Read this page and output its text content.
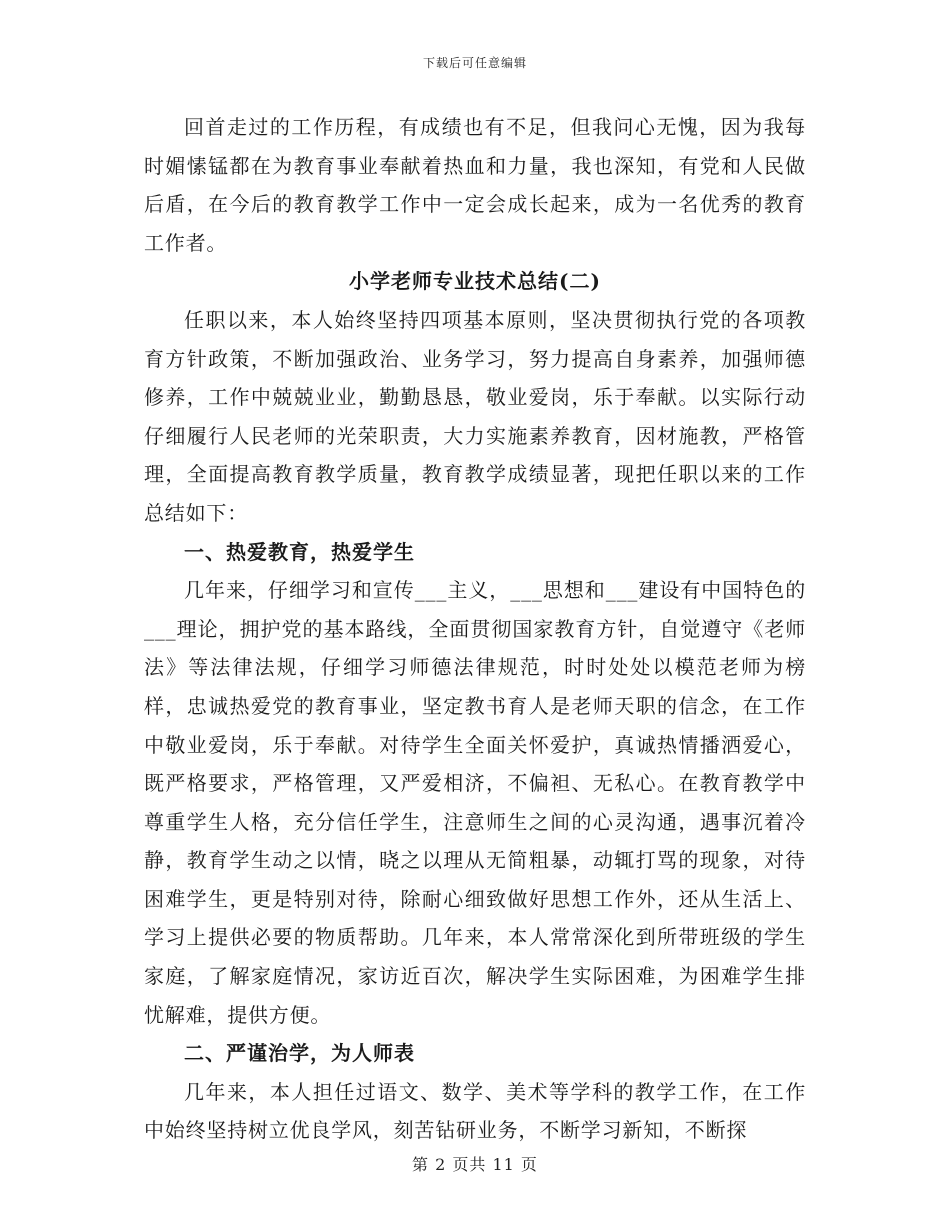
下载后可任意编辑

回首走过的工作历程，有成绩也有不足，但我问心无愧，因为我每时媚愫锰都在为教育事业奉献着热血和力量，我也深知，有党和人民做后盾，在今后的教育教学工作中一定会成长起来，成为一名优秀的教育工作者。

小学老师专业技术总结(二)

任职以来，本人始终坚持四项基本原则，坚决贯彻执行党的各项教育方针政策，不断加强政治、业务学习，努力提高自身素养，加强师德修养，工作中兢兢业业，勤勤恳恳，敬业爱岗，乐于奉献。以实际行动仔细履行人民老师的光荣职责，大力实施素养教育，因材施教，严格管理，全面提高教育教学质量，教育教学成绩显著，现把任职以来的工作总结如下：

一、热爱教育，热爱学生

几年来，仔细学习和宣传___主义，___思想和___建设有中国特色的___理论，拥护党的基本路线，全面贯彻国家教育方针，自觉遵守《老师法》等法律法规，仔细学习师德法律规范，时时处处以模范老师为榜样，忠诚热爱党的教育事业，坚定教书育人是老师天职的信念，在工作中敬业爱岗，乐于奉献。对待学生全面关怀爱护，真诚热情播洒爱心，既严格要求，严格管理，又严爱相济，不偏袒、无私心。在教育教学中尊重学生人格，充分信任学生，注意师生之间的心灵沟通，遇事沉着冷静，教育学生动之以情，晓之以理从无简粗暴，动辄打骂的现象，对待困难学生，更是特别对待，除耐心细致做好思想工作外，还从生活上、学习上提供必要的物质帮助。几年来，本人常常深化到所带班级的学生家庭，了解家庭情况，家访近百次，解决学生实际困难，为困难学生排忧解难，提供方便。

二、严谨治学，为人师表

几年来，本人担任过语文、数学、美术等学科的教学工作，在工作中始终坚持树立优良学风，刻苦钻研业务，不断学习新知，不断探

第 2 页共 11 页
